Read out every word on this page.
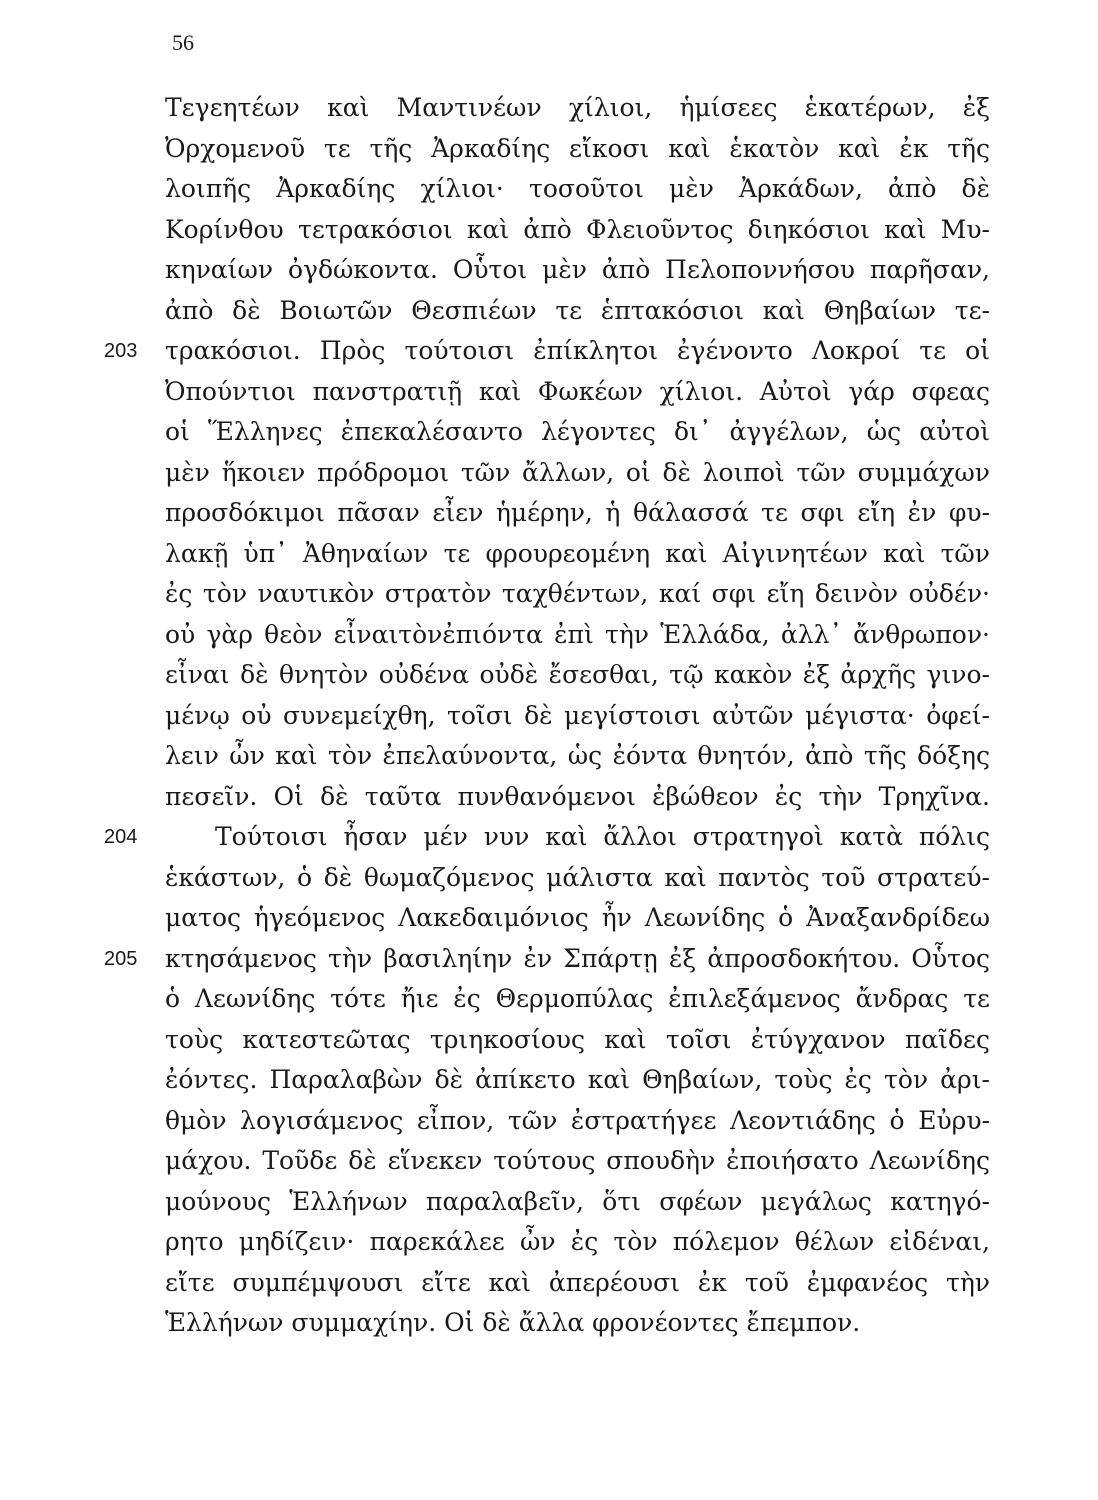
56
Τεγεητέων καὶ Μαντινέων χίλιοι, ἡμίσεες ἑκατέρων, ἐξ
Ὀρχομενοῦ τε τῆς Ἀρκαδίης εἴκοσι καὶ ἑκατὸν καὶ ἐκ τῆς
λοιπῆς Ἀρκαδίης χίλιοι· τοσοῦτοι μὲν Ἀρκάδων, ἀπὸ δὲ
Κορίνθου τετρακόσιοι καὶ ἀπὸ Φλειοῦντος διηκόσιοι καὶ Μυ-
κηναίων ὀγδώκοντα. Οὗτοι μὲν ἀπὸ Πελοποννήσου παρῆσαν,
ἀπὸ δὲ Βοιωτῶν Θεσπιέων τε ἑπτακόσιοι καὶ Θηβαίων τε-
203 τρακόσιοι. Πρὸς τούτοισι ἐπίκλητοι ἐγένοντο Λοκροί τε οἱ
Ὀπούντιοι πανστρατιῇ καὶ Φωκέων χίλιοι. Αὐτοὶ γάρ σφεας
οἱ Ἕλληνες ἐπεκαλέσαντο λέγοντες δι᾽ ἀγγέλων, ὡς αὐτοὶ
μὲν ἥκοιεν πρόδρομοι τῶν ἄλλων, οἱ δὲ λοιποὶ τῶν συμμάχων
προσδόκιμοι πᾶσαν εἶεν ἡμέρην, ἡ θάλασσά τε σφι εἴη ἐν φυ-
λακῇ ὑπ᾽ Ἀθηναίων τε φρουρεομένη καὶ Αἰγινητέων καὶ τῶν
ἐς τὸν ναυτικὸν στρατὸν ταχθέντων, καί σφι εἴη δεινὸν οὐδέν·
οὐ γὰρ θεὸν εἶναιτὸνἐπιόντα ἐπὶ τὴν Ἑλλάδα, ἀλλ᾽ ἄνθρωπον·
εἶναι δὲ θνητὸν οὐδένα οὐδὲ ἔσεσθαι, τῷ κακὸν ἐξ ἀρχῆς γινο-
μένῳ οὐ συνεμείχθη, τοῖσι δὲ μεγίστοισι αὐτῶν μέγιστα· ὀφεί-
λειν ὦν καὶ τὸν ἐπελαύνοντα, ὡς ἐόντα θνητόν, ἀπὸ τῆς δόξης
πεσεῖν. Οἱ δὲ ταῦτα πυνθανόμενοι ἐβώθεον ἐς τὴν Τρηχῖνα.
204	Τούτοισι ἦσαν μέν νυν καὶ ἄλλοι στρατηγοὶ κατὰ πόλις
ἑκάστων, ὁ δὲ θωμαζόμενος μάλιστα καὶ παντὸς τοῦ στρατεύ-
ματος ἡγεόμενος Λακεδαιμόνιος ἦν Λεωνίδης ὁ Ἀναξανδρίδεω
205 κτησάμενος τὴν βασιληίην ἐν Σπάρτῃ ἐξ ἀπροσδοκήτου. Οὗτος
ὁ Λεωνίδης τότε ἤιε ἐς Θερμοπύλας ἐπιλεξάμενος ἄνδρας τε
τοὺς κατεστεῶτας τριηκοσίους καὶ τοῖσι ἐτύγχανον παῖδες
ἐόντες. Παραλαβὼν δὲ ἀπίκετο καὶ Θηβαίων, τοὺς ἐς τὸν ἀρι-
θμὸν λογισάμενος εἶπον, τῶν ἐστρατήγεε Λεοντιάδης ὁ Εὐρυ-
μάχου. Τοῦδε δὲ εἵνεκεν τούτους σπουδὴν ἐποιήσατο Λεωνίδης
μούνους Ἑλλήνων παραλαβεῖν, ὅτι σφέων μεγάλως κατηγό-
ρητο μηδίζειν· παρεκάλεε ὦν ἐς τὸν πόλεμον θέλων εἰδέναι,
εἴτε συμπέμψουσι εἴτε καὶ ἀπερέουσι ἐκ τοῦ ἐμφανέος τὴν
Ἑλλήνων συμμαχίην. Οἱ δὲ ἄλλα φρονέοντες ἔπεμπον.
